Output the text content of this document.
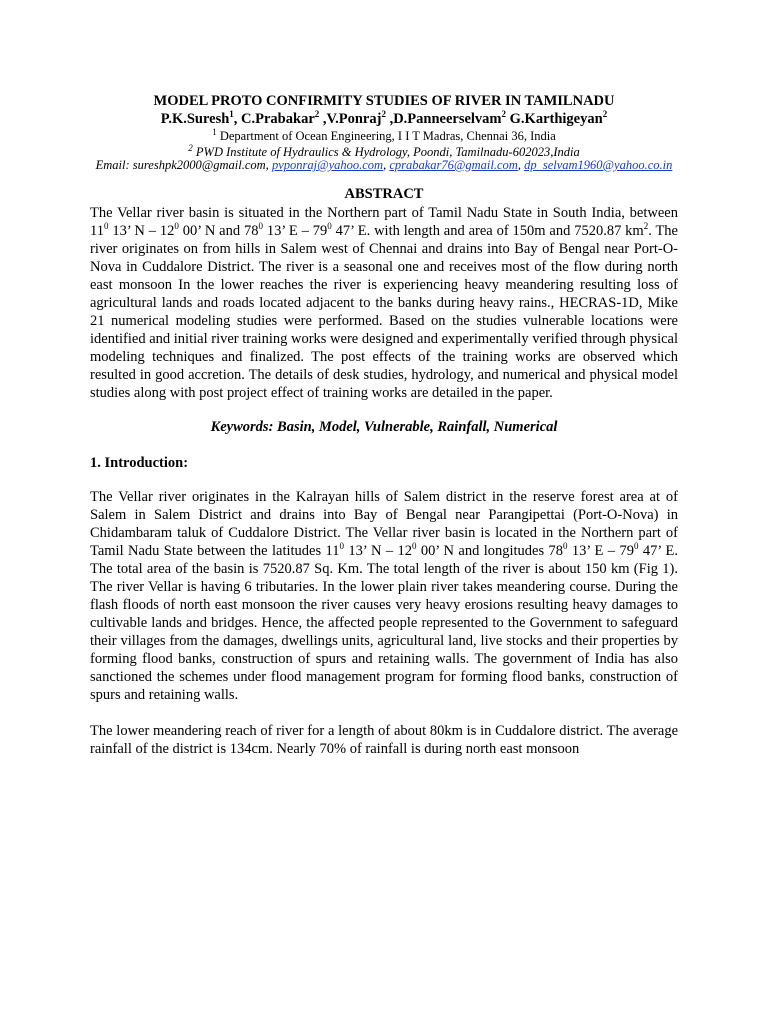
MODEL PROTO CONFIRMITY STUDIES OF RIVER IN TAMILNADU
P.K.Suresh$^1$, C.Prabakar$^2$ ,V.Ponraj$^2$ ,D.Panneerselvam$^2$ G.Karthigeyan$^2$
$^1$ Department of Ocean Engineering, I I T Madras, Chennai 36, India
$^2$ PWD Institute of Hydraulics & Hydrology, Poondi, Tamilnadu-602023,India
Email: sureshpk2000@gmail.com, pvponraj@yahoo.com, cprabakar76@gmail.com, dp_selvam1960@yahoo.co.in
ABSTRACT
The Vellar river basin is situated in the Northern part of Tamil Nadu State in South India, between $11^0$ 13’ N – $12^0$ 00’ N and $78^0$ 13’ E – $79^0$ 47’ E. with length and area of 150m and 7520.87 $km^2$. The river originates on from hills in Salem west of Chennai and drains into Bay of Bengal near Port-O-Nova in Cuddalore District. The river is a seasonal one and receives most of the flow during north east monsoon In the lower reaches the river is experiencing heavy meandering resulting loss of agricultural lands and roads located adjacent to the banks during heavy rains., HECRAS-1D, Mike 21 numerical modeling studies were performed. Based on the studies vulnerable locations were identified and initial river training works were designed and experimentally verified through physical modeling techniques and finalized. The post effects of the training works are observed which resulted in good accretion. The details of desk studies, hydrology, and numerical and physical model studies along with post project effect of training works are detailed in the paper.
Keywords: Basin, Model, Vulnerable, Rainfall, Numerical
1. Introduction:
The Vellar river originates in the Kalrayan hills of Salem district in the reserve forest area at of Salem in Salem District and drains into Bay of Bengal near Parangipettai (Port-O-Nova) in Chidambaram taluk of Cuddalore District. The Vellar river basin is located in the Northern part of Tamil Nadu State between the latitudes $11^0$ 13’ N – $12^0$ 00’ N and longitudes $78^0$ 13’ E – $79^0$ 47’ E. The total area of the basin is 7520.87 Sq. Km. The total length of the river is about 150 km (Fig 1). The river Vellar is having 6 tributaries. In the lower plain river takes meandering course. During the flash floods of north east monsoon the river causes very heavy erosions resulting heavy damages to cultivable lands and bridges. Hence, the affected people represented to the Government to safeguard their villages from the damages, dwellings units, agricultural land, live stocks and their properties by forming flood banks, construction of spurs and retaining walls. The government of India has also sanctioned the schemes under flood management program for forming flood banks, construction of spurs and retaining walls.
The lower meandering reach of river for a length of about 80km is in Cuddalore district. The average rainfall of the district is 134cm. Nearly 70% of rainfall is during north east monsoon
